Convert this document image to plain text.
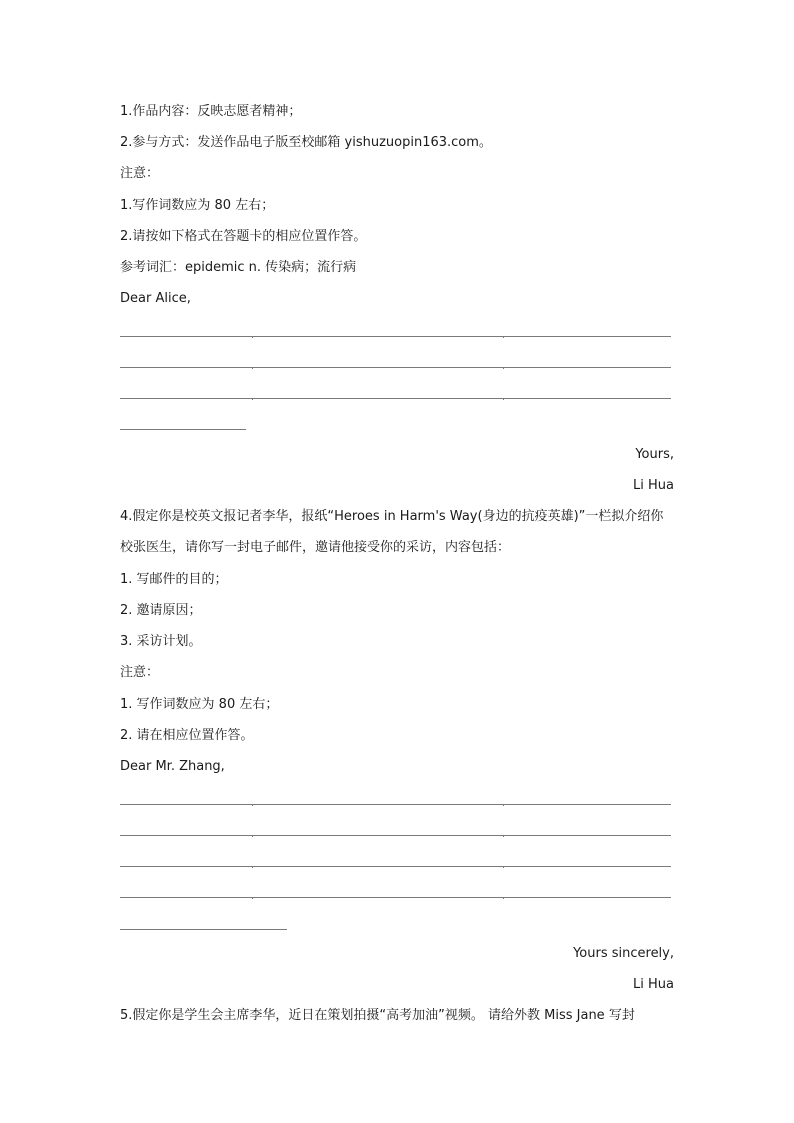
1.作品内容：反映志愿者精神；
2.参与方式：发送作品电子版至校邮箱 yishuzuopin163.com。
注意：
1.写作词数应为 80 左右；
2.请按如下格式在答题卡的相应位置作答。
参考词汇：epidemic n. 传染病；流行病
Dear Alice,
Yours,
Li Hua
4.假定你是校英文报记者李华，报纸“Heroes in Harm's Way(身边的抗疫英雄)”一栏拟介绍你
校张医生，请你写一封电子邮件，邀请他接受你的采访，内容包括：
1. 写邮件的目的；
2. 邀请原因；
3. 采访计划。
注意：
1. 写作词数应为 80 左右；
2. 请在相应位置作答。
Dear Mr. Zhang,
Yours sincerely,
Li Hua
5.假定你是学生会主席李华，近日在策划拍摄“高考加油”视频。 请给外教 Miss Jane 写封
